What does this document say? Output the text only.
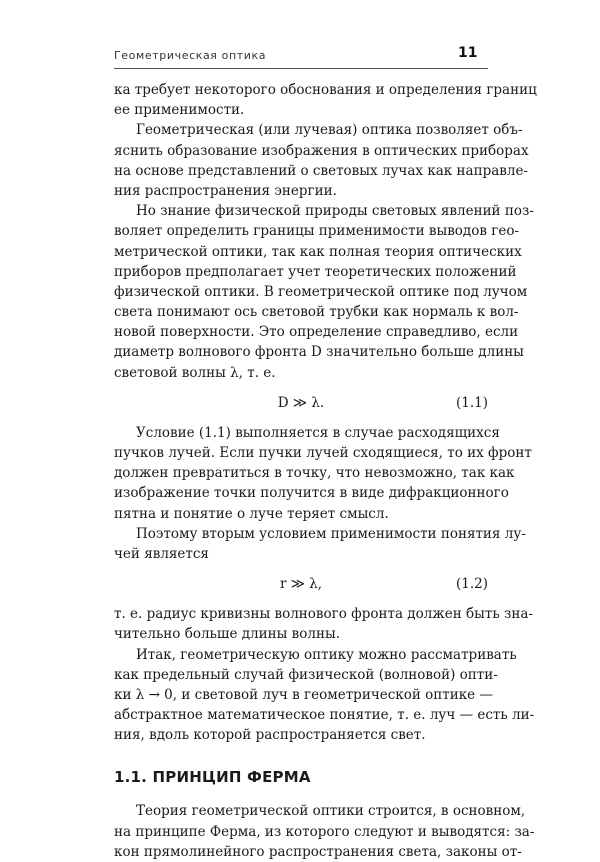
Геометрическая оптика	11
ка требует некоторого обоснования и определения границ
ее применимости.
Геометрическая (или лучевая) оптика позволяет объ-
яснить образование изображения в оптических приборах
на основе представлений о световых лучах как направле-
ния распространения энергии.
Но знание физической природы световых явлений поз-
воляет определить границы применимости выводов гео-
метрической оптики, так как полная теория оптических
приборов предполагает учет теоретических положений
физической оптики. В геометрической оптике под лучом
света понимают ось световой трубки как нормаль к вол-
новой поверхности. Это определение справедливо, если
диаметр волнового фронта D значительно больше длины
световой волны λ, т. е.
D ≫ λ.	(1.1)
Условие (1.1) выполняется в случае расходящихся
пучков лучей. Если пучки лучей сходящиеся, то их фронт
должен превратиться в точку, что невозможно, так как
изображение точки получится в виде дифракционного
пятна и понятие о луче теряет смысл.
Поэтому вторым условием применимости понятия лу-
чей является
r ≫ λ,	(1.2)
т. е. радиус кривизны волнового фронта должен быть зна-
чительно больше длины волны.
Итак, геометрическую оптику можно рассматривать
как предельный случай физической (волновой) опти-
ки λ → 0, и световой луч в геометрической оптике —
абстрактное математическое понятие, т. е. луч — есть ли-
ния, вдоль которой распространяется свет.
1.1. ПРИНЦИП ФЕРМА
Теория геометрической оптики строится, в основном,
на принципе Ферма, из которого следуют и выводятся: за-
кон прямолинейного распространения света, законы от-
